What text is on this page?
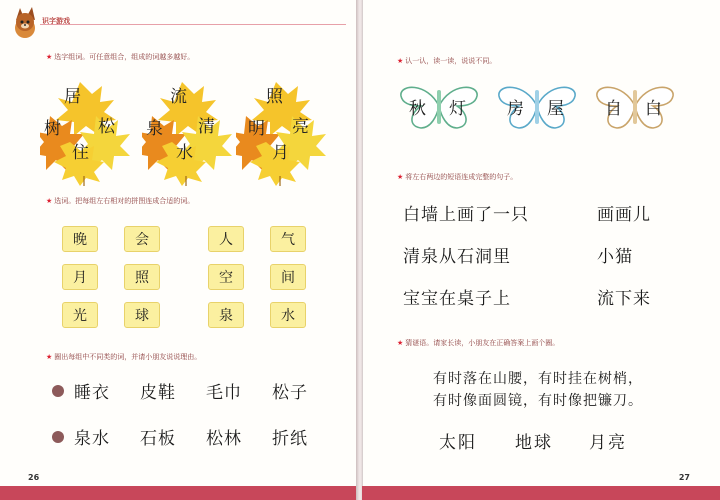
识字游戏
★ 选字组词。可任意组合，组成的词越多越好。
居
树 松
住
流
泉 清
水
照
明 亮
月
★ 选词。把每组左右相对的拼图连成合适的词。
晚
月
光
会
照
球
人
空
泉
气
间
水
★ 圈出每组中不同类的词，并请小朋友说说理由。
睡衣 皮鞋 毛巾 松子
泉水 石板 松林 折纸
26
★ 认一认，读一读，说说不同。
秋 灯 房 屋 自 白
★ 将左右两边的短语连成完整的句子。
白墙上画了一只
清泉从石洞里
宝宝在桌子上
画画儿
小猫
流下来
★ 猜谜语。请家长读，小朋友在正确答案上画个圈。
有时落在山腰，有时挂在树梢，
有时像面圆镜，有时像把镰刀。
太阳 地球 月亮
27
